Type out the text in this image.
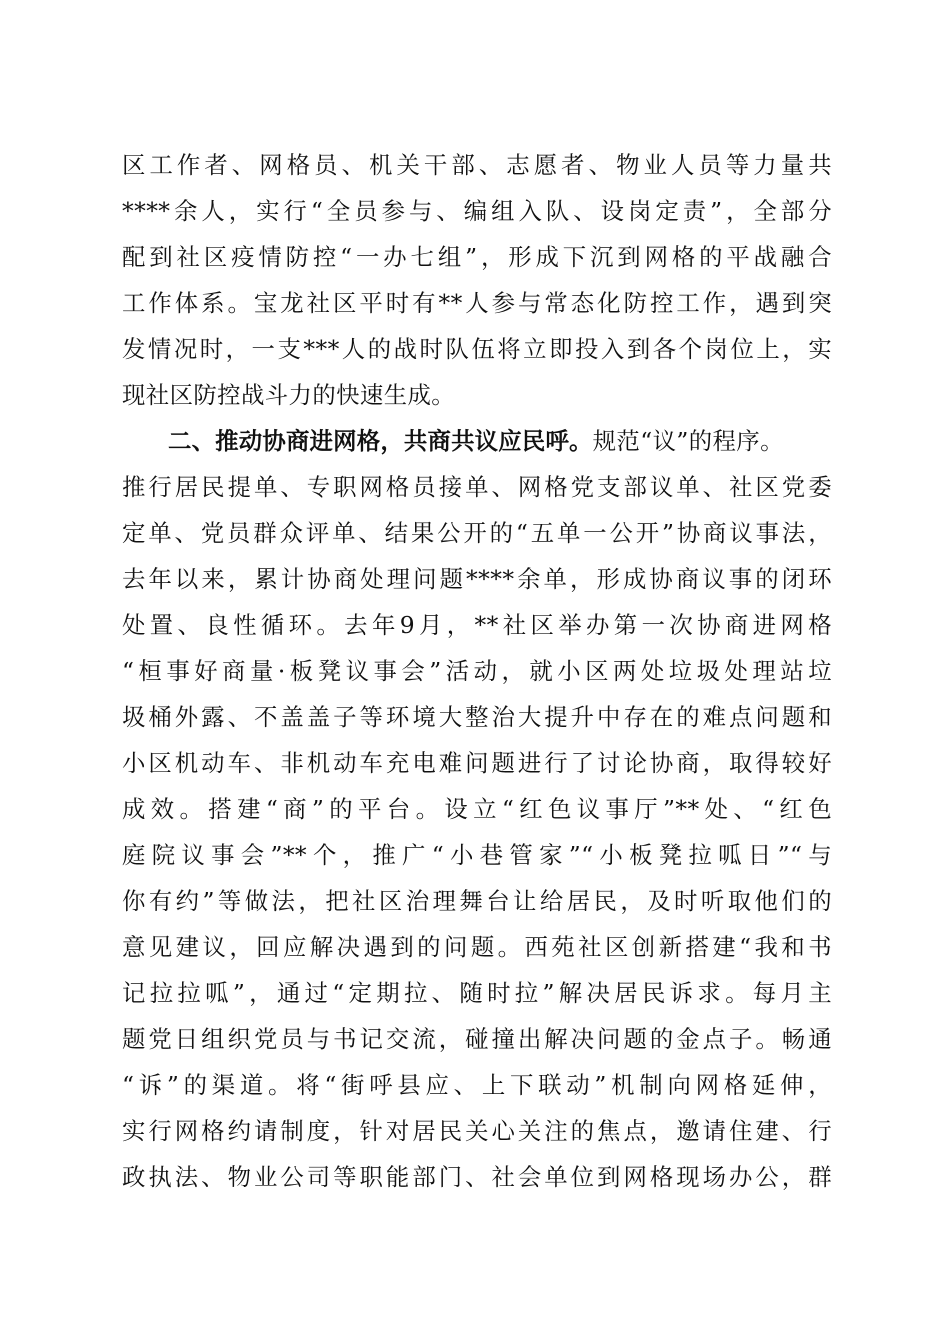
区工作者、网格员、机关干部、志愿者、物业人员等力量共
****余人，实行“全员参与、编组入队、设岗定责”，全部分
配到社区疫情防控“一办七组”，形成下沉到网格的平战融合
工作体系。宝龙社区平时有**人参与常态化防控工作，遇到突
发情况时，一支***人的战时队伍将立即投入到各个岗位上，实
现社区防控战斗力的快速生成。
二、推动协商进网格，共商共议应民呼。规范“议”的程序。
推行居民提单、专职网格员接单、网格党支部议单、社区党委
定单、党员群众评单、结果公开的“五单一公开”协商议事法，
去年以来，累计协商处理问题****余单，形成协商议事的闭环
处置、良性循环。去年9月，**社区举办第一次协商进网格
“桓事好商量·板凳议事会”活动，就小区两处垃圾处理站垃
圾桶外露、不盖盖子等环境大整治大提升中存在的难点问题和
小区机动车、非机动车充电难问题进行了讨论协商，取得较好
成效。搭建“商”的平台。设立“红色议事厅”**处、“红色
庭院议事会”**个，推广“小巷管家”“小板凳拉呱日”“与
你有约”等做法，把社区治理舞台让给居民，及时听取他们的
意见建议，回应解决遇到的问题。西苑社区创新搭建“我和书
记拉拉呱”，通过“定期拉、随时拉”解决居民诉求。每月主
题党日组织党员与书记交流，碰撞出解决问题的金点子。畅通
“诉”的渠道。将“街呼县应、上下联动”机制向网格延伸，
实行网格约请制度，针对居民关心关注的焦点，邀请住建、行
政执法、物业公司等职能部门、社会单位到网格现场办公，群
